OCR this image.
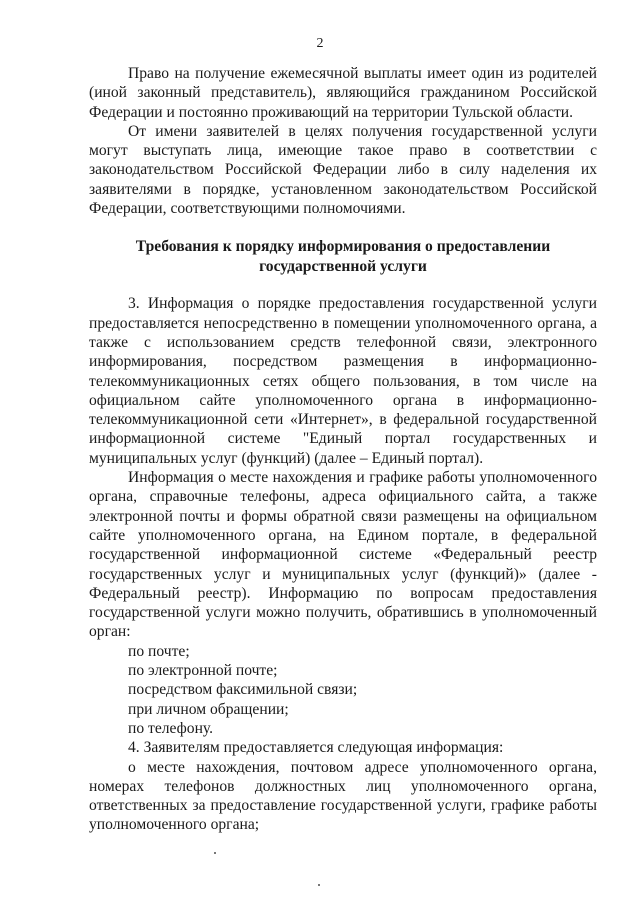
2

Право на получение ежемесячной выплаты имеет один из родителей (иной законный представитель), являющийся гражданином Российской Федерации и постоянно проживающий на территории Тульской области.

От имени заявителей в целях получения государственной услуги могут выступать лица, имеющие такое право в соответствии с законодательством Российской Федерации либо в силу наделения их заявителями в порядке, установленном законодательством Российской Федерации, соответствующими полномочиями.

Требования к порядку информирования о предоставлении
государственной услуги

3. Информация о порядке предоставления государственной услуги предоставляется непосредственно в помещении уполномоченного органа, а также с использованием средств телефонной связи, электронного информирования, посредством размещения в информационно-телекоммуникационных сетях общего пользования, в том числе на официальном сайте уполномоченного органа в информационно-телекоммуникационной сети «Интернет», в федеральной государственной информационной системе "Единый портал государственных и муниципальных услуг (функций) (далее – Единый портал).

Информация о месте нахождения и графике работы уполномоченного органа, справочные телефоны, адреса официального сайта, а также электронной почты и формы обратной связи размещены на официальном сайте уполномоченного органа, на Едином портале, в федеральной государственной информационной системе «Федеральный реестр государственных услуг и муниципальных услуг (функций)» (далее - Федеральный реестр). Информацию по вопросам предоставления государственной услуги можно получить, обратившись в уполномоченный орган:

по почте;
по электронной почте;
посредством факсимильной связи;
при личном обращении;
по телефону.

4. Заявителям предоставляется следующая информация:

о месте нахождения, почтовом адресе уполномоченного органа, номерах телефонов должностных лиц уполномоченного органа, ответственных за предоставление государственной услуги, графике работы уполномоченного органа;
